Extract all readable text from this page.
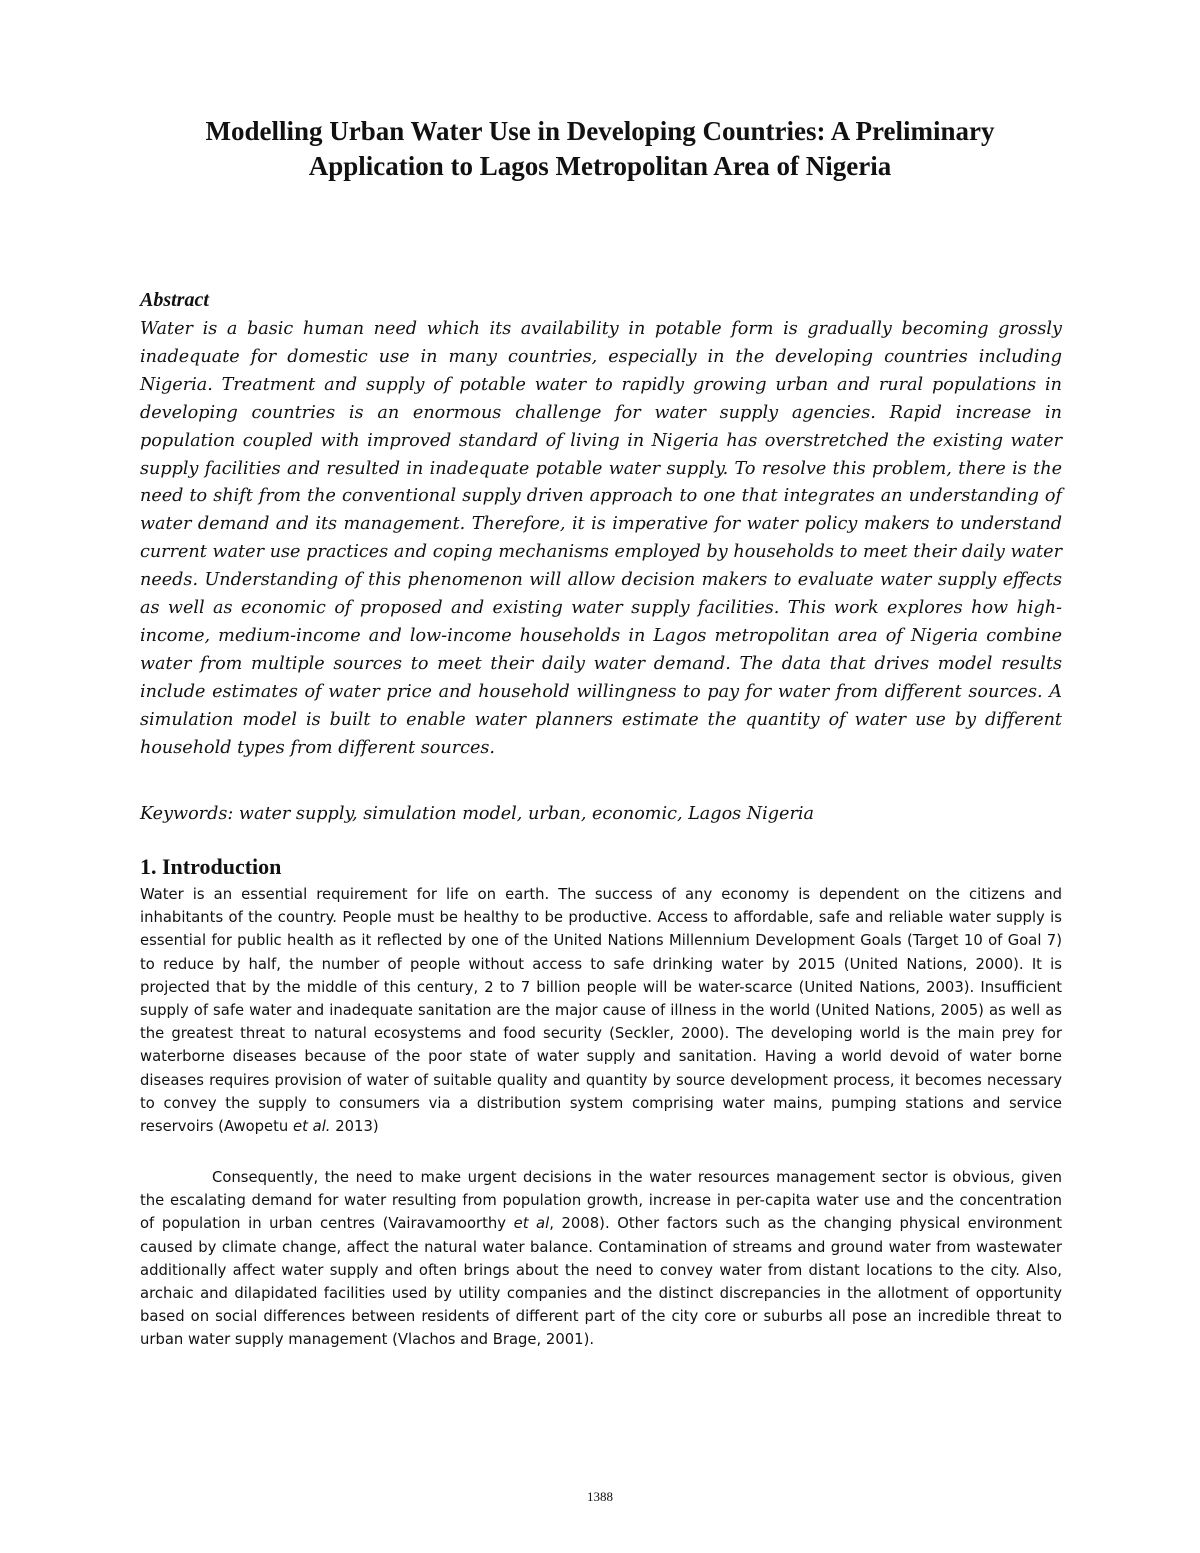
Modelling Urban Water Use in Developing Countries: A Preliminary
Application to Lagos Metropolitan Area of Nigeria
Abstract

Water is a basic human need which its availability in potable form is gradually becoming grossly inadequate for domestic use in many countries, especially in the developing countries including Nigeria. Treatment and supply of potable water to rapidly growing urban and rural populations in developing countries is an enormous challenge for water supply agencies. Rapid increase in population coupled with improved standard of living in Nigeria has overstretched the existing water supply facilities and resulted in inadequate potable water supply. To resolve this problem, there is the need to shift from the conventional supply driven approach to one that integrates an understanding of water demand and its management. Therefore, it is imperative for water policy makers to understand current water use practices and coping mechanisms employed by households to meet their daily water needs. Understanding of this phenomenon will allow decision makers to evaluate water supply effects as well as economic of proposed and existing water supply facilities. This work explores how high-income, medium-income and low-income households in Lagos metropolitan area of Nigeria combine water from multiple sources to meet their daily water demand. The data that drives model results include estimates of water price and household willingness to pay for water from different sources. A simulation model is built to enable water planners estimate the quantity of water use by different household types from different sources.

Keywords: water supply, simulation model, urban, economic, Lagos Nigeria

1. Introduction

Water is an essential requirement for life on earth. The success of any economy is dependent on the citizens and inhabitants of the country. People must be healthy to be productive. Access to affordable, safe and reliable water supply is essential for public health as it reflected by one of the United Nations Millennium Development Goals (Target 10 of Goal 7) to reduce by half, the number of people without access to safe drinking water by 2015 (United Nations, 2000). It is projected that by the middle of this century, 2 to 7 billion people will be water-scarce (United Nations, 2003). Insufficient supply of safe water and inadequate sanitation are the major cause of illness in the world (United Nations, 2005) as well as the greatest threat to natural ecosystems and food security (Seckler, 2000). The developing world is the main prey for waterborne diseases because of the poor state of water supply and sanitation. Having a world devoid of water borne diseases requires provision of water of suitable quality and quantity by source development process, it becomes necessary to convey the supply to consumers via a distribution system comprising water mains, pumping stations and service reservoirs (Awopetu et al. 2013)

Consequently, the need to make urgent decisions in the water resources management sector is obvious, given the escalating demand for water resulting from population growth, increase in per-capita water use and the concentration of population in urban centres (Vairavamoorthy et al, 2008). Other factors such as the changing physical environment caused by climate change, affect the natural water balance. Contamination of streams and ground water from wastewater additionally affect water supply and often brings about the need to convey water from distant locations to the city. Also, archaic and dilapidated facilities used by utility companies and the distinct discrepancies in the allotment of opportunity based on social differences between residents of different part of the city core or suburbs all pose an incredible threat to urban water supply management (Vlachos and Brage, 2001).

1388
